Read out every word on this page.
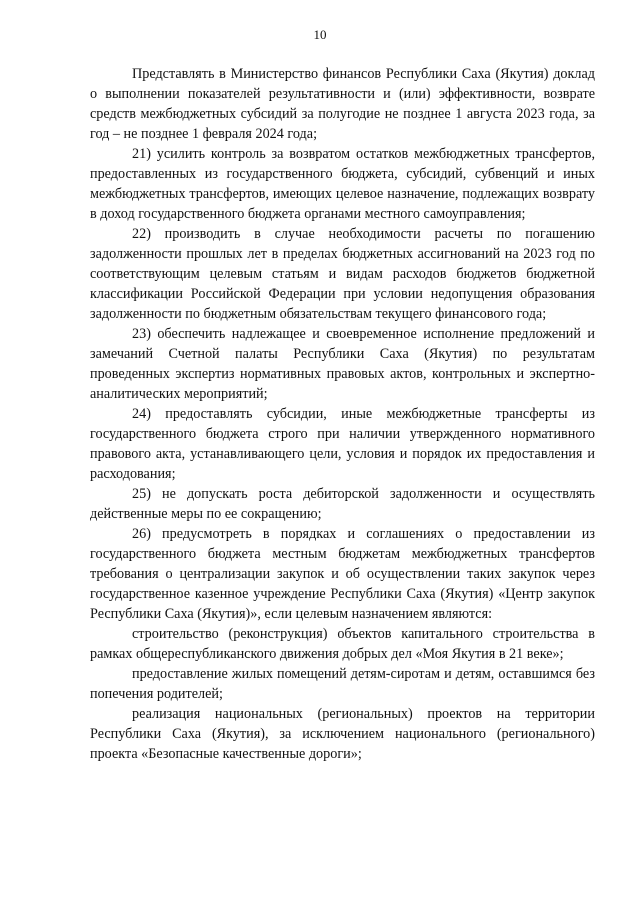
10

Представлять в Министерство финансов Республики Саха (Якутия) доклад о выполнении показателей результативности и (или) эффективности, возврате средств межбюджетных субсидий за полугодие не позднее 1 августа 2023 года, за год – не позднее 1 февраля 2024 года;

21) усилить контроль за возвратом остатков межбюджетных трансфертов, предоставленных из государственного бюджета, субсидий, субвенций и иных межбюджетных трансфертов, имеющих целевое назначение, подлежащих возврату в доход государственного бюджета органами местного самоуправления;

22) производить в случае необходимости расчеты по погашению задолженности прошлых лет в пределах бюджетных ассигнований на 2023 год по соответствующим целевым статьям и видам расходов бюджетов бюджетной классификации Российской Федерации при условии недопущения образования задолженности по бюджетным обязательствам текущего финансового года;

23) обеспечить надлежащее и своевременное исполнение предложений и замечаний Счетной палаты Республики Саха (Якутия) по результатам проведенных экспертиз нормативных правовых актов, контрольных и экспертно-аналитических мероприятий;

24) предоставлять субсидии, иные межбюджетные трансферты из государственного бюджета строго при наличии утвержденного нормативного правового акта, устанавливающего цели, условия и порядок их предоставления и расходования;

25) не допускать роста дебиторской задолженности и осуществлять действенные меры по ее сокращению;

26) предусмотреть в порядках и соглашениях о предоставлении из государственного бюджета местным бюджетам межбюджетных трансфертов требования о централизации закупок и об осуществлении таких закупок через государственное казенное учреждение Республики Саха (Якутия) «Центр закупок Республики Саха (Якутия)», если целевым назначением являются:

строительство (реконструкция) объектов капитального строительства в рамках общереспубликанского движения добрых дел «Моя Якутия в 21 веке»;

предоставление жилых помещений детям-сиротам и детям, оставшимся без попечения родителей;

реализация национальных (региональных) проектов на территории Республики Саха (Якутия), за исключением национального (регионального) проекта «Безопасные качественные дороги»;
